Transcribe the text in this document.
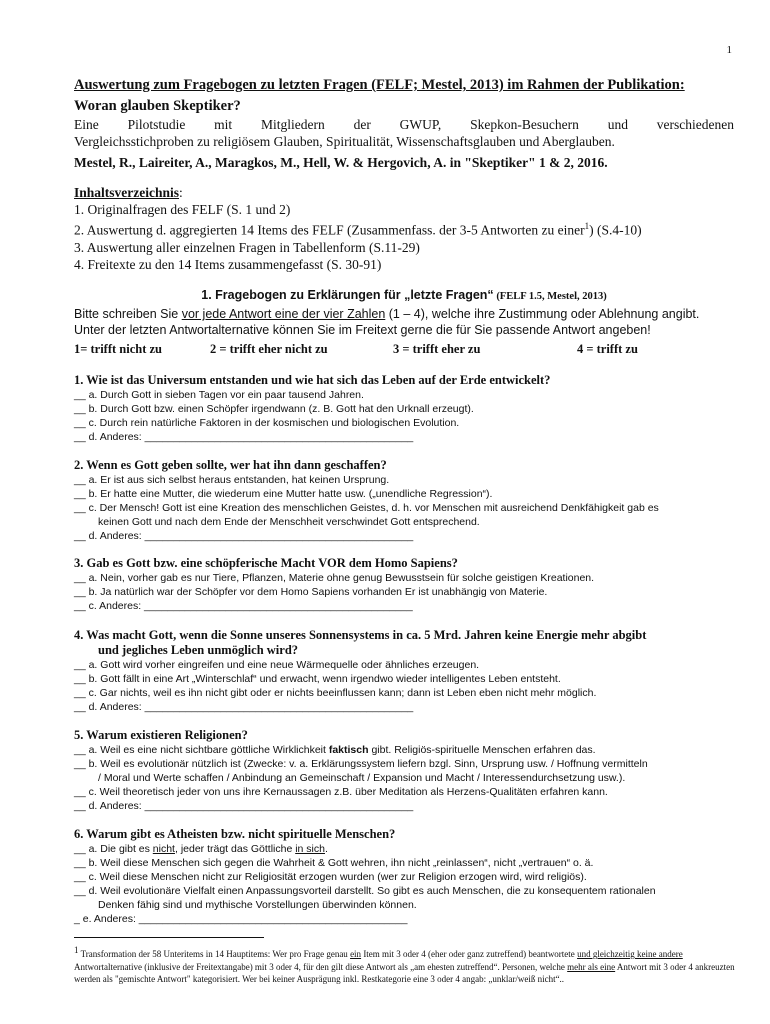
1
Auswertung zum Fragebogen zu letzten Fragen (FELF; Mestel, 2013) im Rahmen der Publikation:
Woran glauben Skeptiker?
Eine Pilotstudie mit Mitgliedern der GWUP, Skepkon-Besuchern und verschiedenen
Vergleichsstichproben zu religiösem Glauben, Spiritualität, Wissenschaftsglauben und Aberglauben.
Mestel, R., Laireiter, A., Maragkos, M., Hell, W. & Hergovich, A. in "Skeptiker" 1 & 2, 2016.
Inhaltsverzeichnis:
1. Originalfragen des FELF (S. 1 und 2)
2. Auswertung d. aggregierten 14 Items des FELF (Zusammenfass. der 3-5 Antworten zu einer$^1$) (S.4-10)
3. Auswertung aller einzelnen Fragen in Tabellenform (S.11-29)
4. Freitexte zu den 14 Items zusammengefasst (S. 30-91)
1. Fragebogen zu Erklärungen für „letzte Fragen“ (FELF 1.5, Mestel, 2013)
Bitte schreiben Sie vor jede Antwort eine der vier Zahlen (1 – 4), welche ihre Zustimmung oder Ablehnung angibt.
Unter der letzten Antwortalternative können Sie im Freitext gerne die für Sie passende Antwort angeben!
1= trifft nicht zu	2 = trifft eher nicht zu	3 = trifft eher zu	4 = trifft zu
1. Wie ist das Universum entstanden und wie hat sich das Leben auf der Erde entwickelt?
__ a. Durch Gott in sieben Tagen vor ein paar tausend Jahren.
__ b. Durch Gott bzw. einen Schöpfer irgendwann (z. B. Gott hat den Urknall erzeugt).
__ c. Durch rein natürliche Faktoren in der kosmischen und biologischen Evolution.
__ d. Anderes: ______________________________________________
2. Wenn es Gott geben sollte, wer hat ihn dann geschaffen?
__ a. Er ist aus sich selbst heraus entstanden, hat keinen Ursprung.
__ b. Er hatte eine Mutter, die wiederum eine Mutter hatte usw. („unendliche Regression“).
__ c. Der Mensch! Gott ist eine Kreation des menschlichen Geistes, d. h. vor Menschen mit ausreichend Denkfähigkeit gab es
keinen Gott und nach dem Ende der Menschheit verschwindet Gott entsprechend.
__ d. Anderes: ______________________________________________
3. Gab es Gott bzw. eine schöpferische Macht VOR dem Homo Sapiens?
__ a. Nein, vorher gab es nur Tiere, Pflanzen, Materie ohne genug Bewusstsein für solche geistigen Kreationen.
__ b. Ja natürlich war der Schöpfer vor dem Homo Sapiens vorhanden Er ist unabhängig von Materie.
__ c. Anderes: ______________________________________________
4. Was macht Gott, wenn die Sonne unseres Sonnensystems in ca. 5 Mrd. Jahren keine Energie mehr abgibt
und jegliches Leben unmöglich wird?
__ a. Gott wird vorher eingreifen und eine neue Wärmequelle oder ähnliches erzeugen.
__ b. Gott fällt in eine Art „Winterschlaf“ und erwacht, wenn irgendwo wieder intelligentes Leben entsteht.
__ c. Gar nichts, weil es ihn nicht gibt oder er nichts beeinflussen kann; dann ist Leben eben nicht mehr möglich.
__ d. Anderes: ______________________________________________
5. Warum existieren Religionen?
__ a. Weil es eine nicht sichtbare göttliche Wirklichkeit faktisch gibt. Religiös-spirituelle Menschen erfahren das.
__ b. Weil es evolutionär nützlich ist (Zwecke: v. a. Erklärungssystem liefern bzgl. Sinn, Ursprung usw. / Hoffnung vermitteln
/ Moral und Werte schaffen / Anbindung an Gemeinschaft / Expansion und Macht / Interessendurchsetzung usw.).
__ c. Weil theoretisch jeder von uns ihre Kernaussagen z.B. über Meditation als Herzens-Qualitäten erfahren kann.
__ d. Anderes: ______________________________________________
6. Warum gibt es Atheisten bzw. nicht spirituelle Menschen?
__ a. Die gibt es nicht, jeder trägt das Göttliche in sich.
__ b. Weil diese Menschen sich gegen die Wahrheit & Gott wehren, ihn nicht „reinlassen“, nicht „vertrauen“ o. ä.
__ c. Weil diese Menschen nicht zur Religiosität erzogen wurden (wer zur Religion erzogen wird, wird religiös).
__ d. Weil evolutionäre Vielfalt einen Anpassungsvorteil darstellt. So gibt es auch Menschen, die zu konsequentem rationalen
Denken fähig sind und mythische Vorstellungen überwinden können.
_ e. Anderes: ______________________________________________
$^1$ Transformation der 58 Unteritems in 14 Hauptitems: Wer pro Frage genau ein Item mit 3 oder 4 (eher oder ganz zutreffend) beantwortete und gleichzeitig keine andere Antwortalternative (inklusive der Freitextangabe) mit 3 oder 4, für den gilt diese Antwort als „am ehesten zutreffend“. Personen, welche mehr als eine Antwort mit 3 oder 4 ankreuzten werden als "gemischte Antwort" kategorisiert. Wer bei keiner Ausprägung inkl. Restkategorie eine 3 oder 4 angab: „unklar/weiß nicht“..
